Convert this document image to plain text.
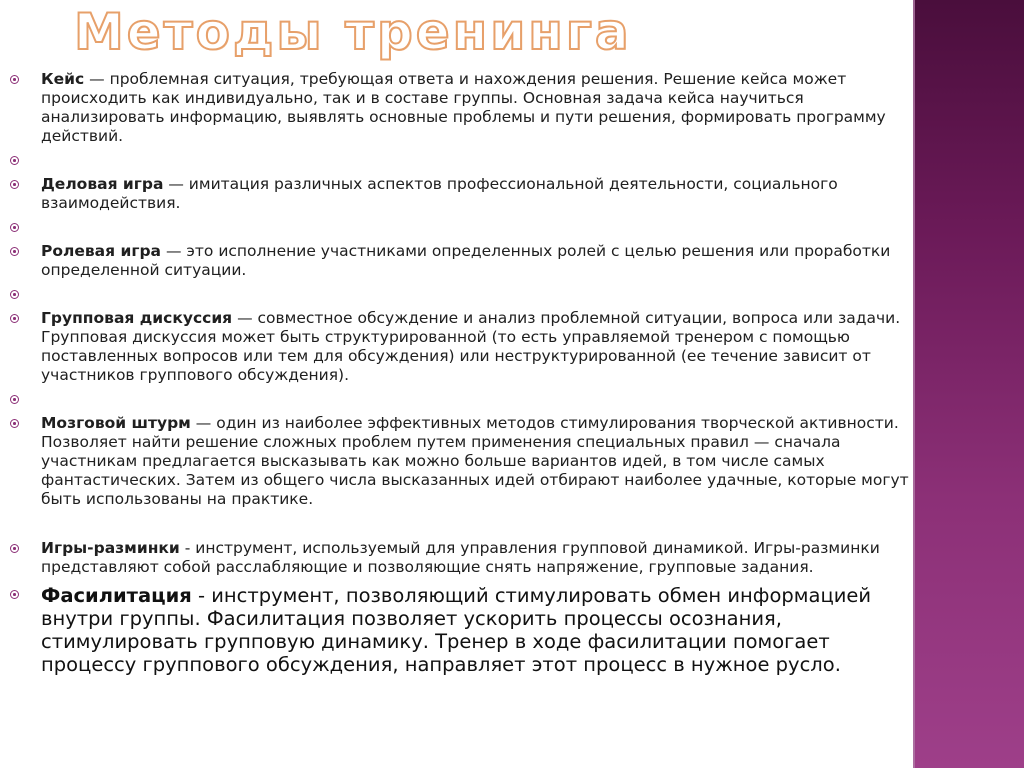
Методы тренинга
Кейс — проблемная ситуация, требующая ответа и нахождения решения. Решение кейса может происходить как индивидуально, так и в составе группы. Основная задача кейса научиться анализировать информацию, выявлять основные проблемы и пути решения, формировать программу действий.
Деловая игра — имитация различных аспектов профессиональной деятельности, социального взаимодействия.
Ролевая игра — это исполнение участниками определенных ролей с целью решения или проработки определенной ситуации.
Групповая дискуссия — совместное обсуждение и анализ проблемной ситуации, вопроса или задачи. Групповая дискуссия может быть структурированной (то есть управляемой тренером с помощью поставленных вопросов или тем для обсуждения) или неструктурированной (ее течение зависит от участников группового обсуждения).
Мозговой штурм — один из наиболее эффективных методов стимулирования творческой активности. Позволяет найти решение сложных проблем путем применения специальных правил — сначала участникам предлагается высказывать как можно больше вариантов идей, в том числе самых фантастических. Затем из общего числа высказанных идей отбирают наиболее удачные, которые могут быть использованы на практике.
Игры-разминки - инструмент, используемый для управления групповой динамикой. Игры-разминки представляют собой расслабляющие и позволяющие снять напряжение, групповые задания.
Фасилитация - инструмент, позволяющий стимулировать обмен информацией внутри группы. Фасилитация позволяет ускорить процессы осознания, стимулировать групповую динамику. Тренер в ходе фасилитации помогает процессу группового обсуждения, направляет этот процесс в нужное русло.
